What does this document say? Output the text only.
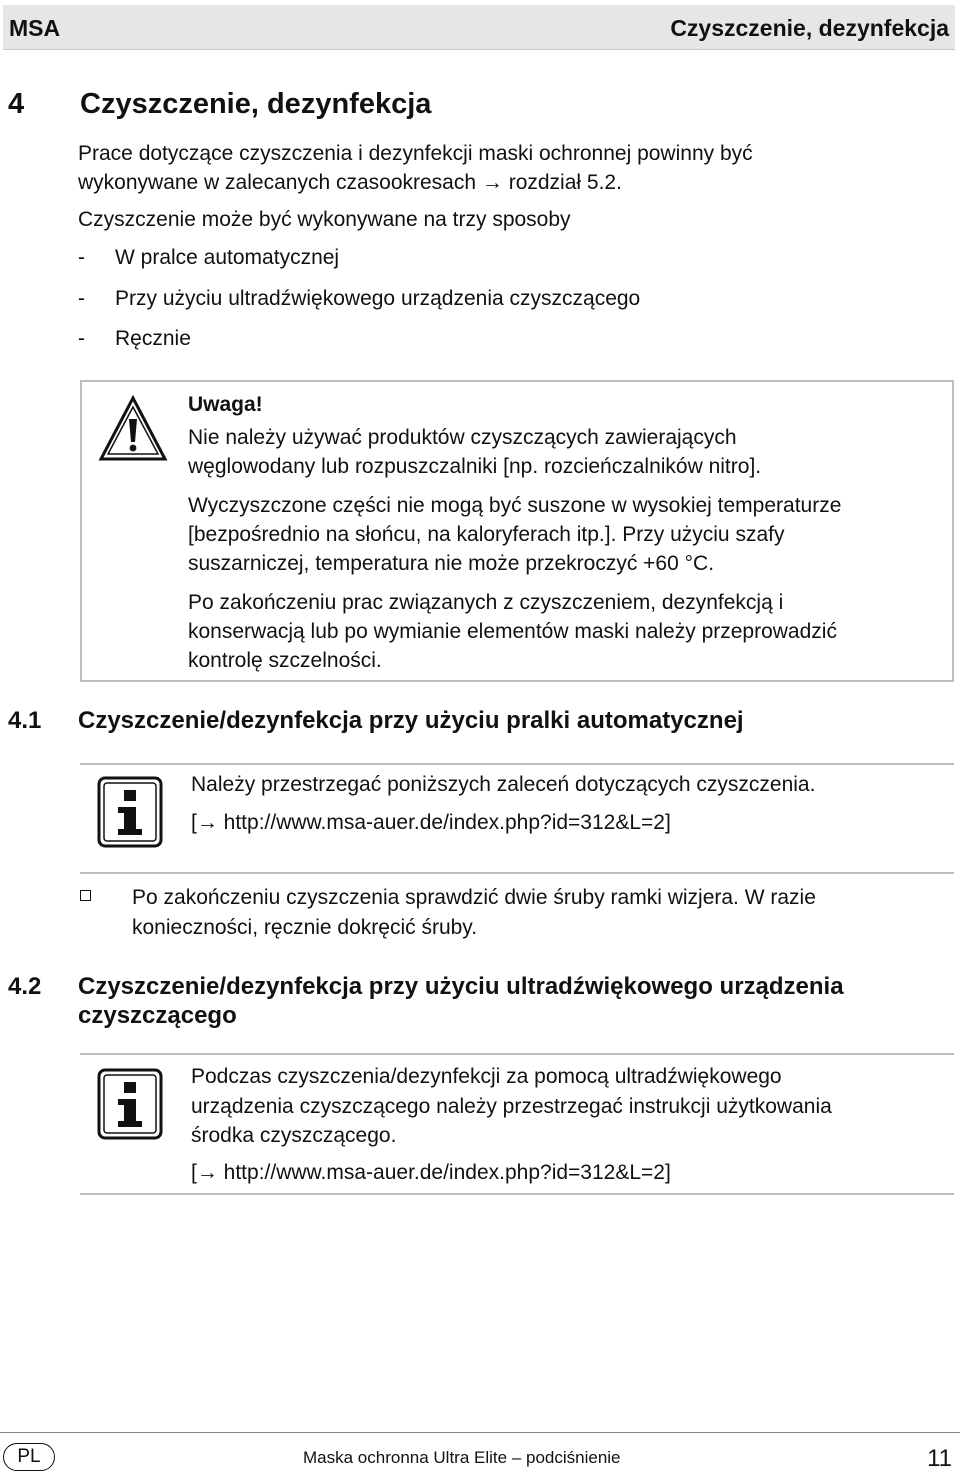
MSA	Czyszczenie, dezynfekcja
4 Czyszczenie, dezynfekcja
Prace dotyczące czyszczenia i dezynfekcji maski ochronnej powinny być
wykonywane w zalecanych czasookresach → rozdział 5.2.
Czyszczenie może być wykonywane na trzy sposoby
- W pralce automatycznej
- Przy użyciu ultradźwiękowego urządzenia czyszczącego
- Ręcznie
Uwaga!
Nie należy używać produktów czyszczących zawierających
węglowodany lub rozpuszczalniki [np. rozcieńczalników nitro].
Wyczyszczone części nie mogą być suszone w wysokiej temperaturze
[bezpośrednio na słońcu, na kaloryferach itp.]. Przy użyciu szafy
suszarniczej, temperatura nie może przekroczyć +60 °C.
Po zakończeniu prac związanych z czyszczeniem, dezynfekcją i
konserwacją lub po wymianie elementów maski należy przeprowadzić
kontrolę szczelności.
4.1 Czyszczenie/dezynfekcja przy użyciu pralki automatycznej
Należy przestrzegać poniższych zaleceń dotyczących czyszczenia.
[→ http://www.msa-auer.de/index.php?id=312&L=2]
Po zakończeniu czyszczenia sprawdzić dwie śruby ramki wizjera. W razie
konieczności, ręcznie dokręcić śruby.
4.2 Czyszczenie/dezynfekcja przy użyciu ultradźwiękowego urządzenia
czyszczącego
Podczas czyszczenia/dezynfekcji za pomocą ultradźwiękowego
urządzenia czyszczącego należy przestrzegać instrukcji użytkowania
środka czyszczącego.
[→ http://www.msa-auer.de/index.php?id=312&L=2]
PL	Maska ochronna Ultra Elite – podciśnienie	11
